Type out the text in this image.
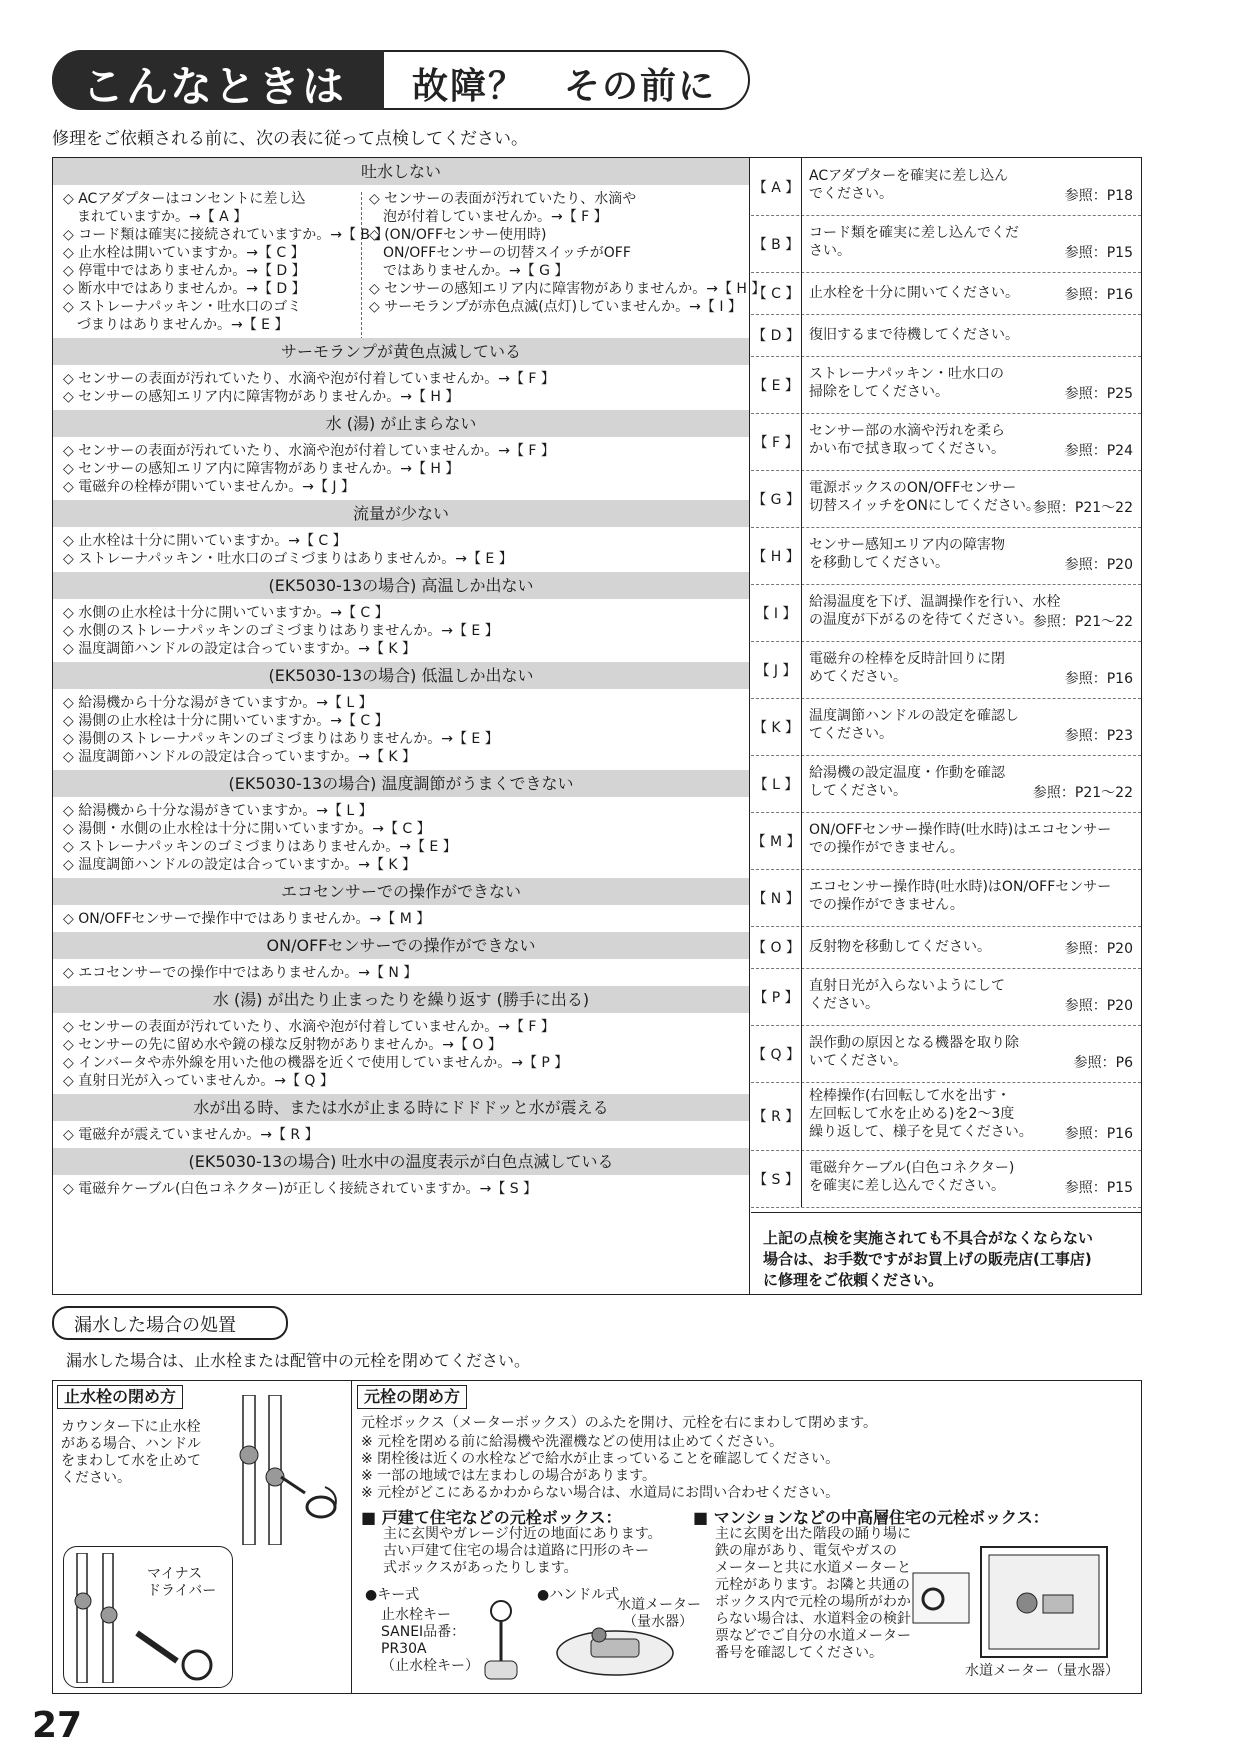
こんなときは 故障？　その前に
修理をご依頼される前に、次の表に従って点検してください。
吐水しない
◇ ACアダプターはコンセントに差し込
　まれていますか。→【 A 】
◇ コード類は確実に接続されていますか。→【 B 】
◇ 止水栓は開いていますか。→【 C 】
◇ 停電中ではありませんか。→【 D 】
◇ 断水中ではありませんか。→【 D 】
◇ ストレーナパッキン・吐水口のゴミ
　づまりはありませんか。→【 E 】
◇ センサーの表面が汚れていたり、水滴や
　泡が付着していませんか。→【 F 】
◇ (ON/OFFセンサー使用時)
　ON/OFFセンサーの切替スイッチがOFF
　ではありませんか。→【 G 】
◇ センサーの感知エリア内に障害物がありませんか。→【 H 】
◇ サーモランプが赤色点滅(点灯)していませんか。→【 I 】
サーモランプが黄色点滅している
◇ センサーの表面が汚れていたり、水滴や泡が付着していませんか。→【 F 】
◇ センサーの感知エリア内に障害物がありませんか。→【 H 】
水 (湯) が止まらない
◇ センサーの表面が汚れていたり、水滴や泡が付着していませんか。→【 F 】
◇ センサーの感知エリア内に障害物がありませんか。→【 H 】
◇ 電磁弁の栓棒が開いていませんか。→【 J 】
流量が少ない
◇ 止水栓は十分に開いていますか。→【 C 】
◇ ストレーナパッキン・吐水口のゴミづまりはありませんか。→【 E 】
(EK5030-13の場合) 高温しか出ない
◇ 水側の止水栓は十分に開いていますか。→【 C 】
◇ 水側のストレーナパッキンのゴミづまりはありませんか。→【 E 】
◇ 温度調節ハンドルの設定は合っていますか。→【 K 】
(EK5030-13の場合) 低温しか出ない
◇ 給湯機から十分な湯がきていますか。→【 L 】
◇ 湯側の止水栓は十分に開いていますか。→【 C 】
◇ 湯側のストレーナパッキンのゴミづまりはありませんか。→【 E 】
◇ 温度調節ハンドルの設定は合っていますか。→【 K 】
(EK5030-13の場合) 温度調節がうまくできない
◇ 給湯機から十分な湯がきていますか。→【 L 】
◇ 湯側・水側の止水栓は十分に開いていますか。→【 C 】
◇ ストレーナパッキンのゴミづまりはありませんか。→【 E 】
◇ 温度調節ハンドルの設定は合っていますか。→【 K 】
エコセンサーでの操作ができない
◇ ON/OFFセンサーで操作中ではありませんか。→【 M 】
ON/OFFセンサーでの操作ができない
◇ エコセンサーでの操作中ではありませんか。→【 N 】
水 (湯) が出たり止まったりを繰り返す (勝手に出る)
◇ センサーの表面が汚れていたり、水滴や泡が付着していませんか。→【 F 】
◇ センサーの先に留め水や鏡の様な反射物がありませんか。→【 O 】
◇ インバータや赤外線を用いた他の機器を近くで使用していませんか。→【 P 】
◇ 直射日光が入っていませんか。→【 Q 】
水が出る時、または水が止まる時にドドドッと水が震える
◇ 電磁弁が震えていませんか。→【 R 】
(EK5030-13の場合) 吐水中の温度表示が白色点滅している
◇ 電磁弁ケーブル(白色コネクター)が正しく接続されていますか。→【 S 】
【 A 】
ACアダプターを確実に差し込ん
でください。	参照：P18
【 B 】
コード類を確実に差し込んでくだ
さい。	参照：P15
【 C 】 止水栓を十分に開いてください。	参照：P16
【 D 】 復旧するまで待機してください。
【 E 】
ストレーナパッキン・吐水口の
掃除をしてください。	参照：P25
【 F 】
センサー部の水滴や汚れを柔ら
かい布で拭き取ってください。	参照：P24
【 G 】
電源ボックスのON/OFFセンサー
切替スイッチをONにしてください。
参照：P21～22
【 H 】
センサー感知エリア内の障害物
を移動してください。	参照：P20
【 I 】
給湯温度を下げ、温調操作を行い、水栓
の温度が下がるのを待てください。 参照：P21～22
【 J 】
電磁弁の栓棒を反時計回りに閉
めてください。	参照：P16
【 K 】
温度調節ハンドルの設定を確認し
てください。	参照：P23
【 L 】
給湯機の設定温度・作動を確認
してください。	参照：P21～22
【 M 】
ON/OFFセンサー操作時(吐水時)はエコセンサー
での操作ができません。
【 N 】
エコセンサー操作時(吐水時)はON/OFFセンサー
での操作ができません。
【 O 】 反射物を移動してください。	参照：P20
【 P 】
直射日光が入らないようにして
ください。	参照：P20
【 Q 】
誤作動の原因となる機器を取り除
いてください。	参照：P6
【 R 】
栓棒操作(右回転して水を出す・
左回転して水を止める)を2～3度
繰り返して、様子を見てください。 参照：P16
【 S 】
電磁弁ケーブル(白色コネクター)
を確実に差し込んでください。	参照：P15
上記の点検を実施されても不具合がなくならない
場合は、お手数ですがお買上げの販売店(工事店)
に修理をご依頼ください。
漏水した場合の処置
漏水した場合は、止水栓または配管中の元栓を閉めてください。
止水栓の閉め方
カウンター下に止水栓
がある場合、ハンドル
をまわして水を止めて
ください。
マイナス
ドライバー
元栓の閉め方
元栓ボックス（メーターボックス）のふたを開け、元栓を右にまわして閉めます。
※ 元栓を閉める前に給湯機や洗濯機などの使用は止めてください。
※ 閉栓後は近くの水栓などで給水が止まっていることを確認してください。
※ 一部の地域では左まわしの場合があります。
※ 元栓がどこにあるかわからない場合は、水道局にお問い合わせください。
■ 戸建て住宅などの元栓ボックス：
主に玄関やガレージ付近の地面にあります。
古い戸建て住宅の場合は道路に円形のキー
式ボックスがあったりします。
●キー式	●ハンドル式
止水栓キー
SANEI品番：
PR30A
（止水栓キー）
水道メーター
（量水器）
■ マンションなどの中高層住宅の元栓ボックス：
主に玄関を出た階段の踊り場に
鉄の扉があり、電気やガスの
メーターと共に水道メーターと
元栓があります。お隣と共通の
ボックス内で元栓の場所がわか
らない場合は、水道料金の検針
票などでご自分の水道メーター
番号を確認してください。
水道メーター（量水器）
27
